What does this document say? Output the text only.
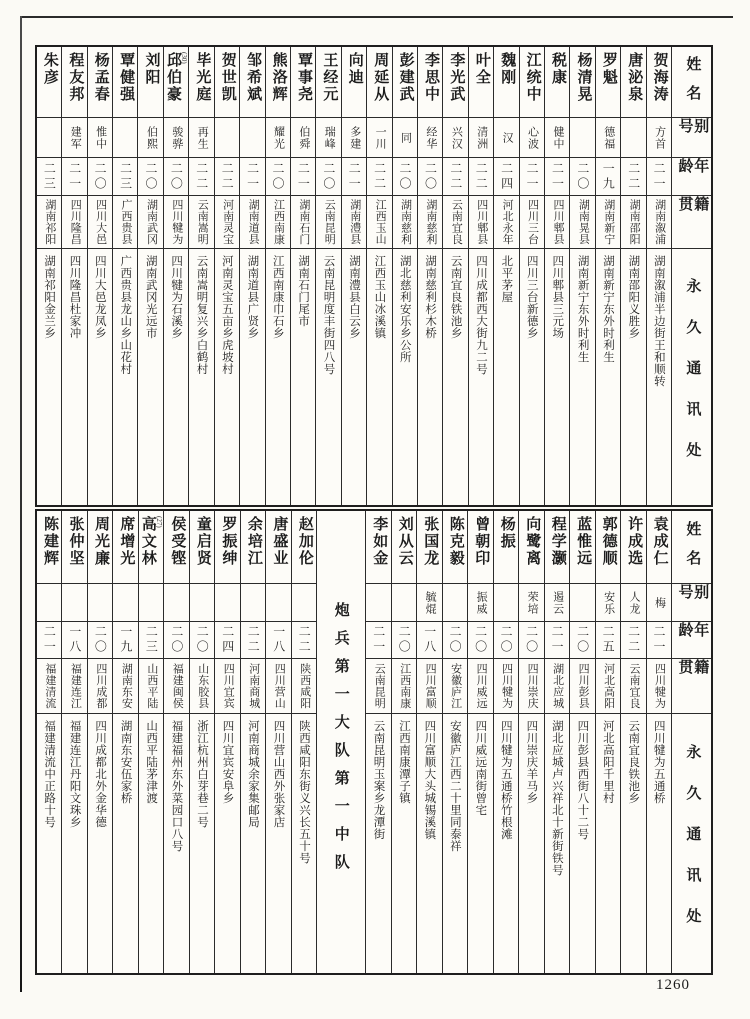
姓名
别号
年龄
籍贯
永久通讯处
贺海涛
方首
二一
湖南溆浦
湖南溆浦半边街王和顺转
唐泌泉
二二
湖南邵阳
湖南邵阳义胜乡
罗魁
德福
一九
湖南新宁
湖南新宁东外时利生
杨清晃
二〇
湖南晃县
湖南新宁东外时利生
税康
健中
二一
四川郫县
四川郫县三元场
江统中
心波
二一
四川三台
四川三台新德乡
魏刚
汉
二四
河北永年
北平茅屋
叶全
清洲
二二
四川郫县
四川成都西大街九二号
李光武
兴汉
二二
云南宜良
云南宜良铁池乡
李思中
经华
二〇
湖南慈利
湖南慈利杉木桥
彭建武
同
二〇
湖南慈利
湖北慈利安乐乡公所
周延从
一川
二二
江西玉山
江西玉山冰溪镇
向迪
多建
二一
湖南澧县
湖南澧县白云乡
王经元
瑞峰
二〇
云南昆明
云南昆明度丰街四八号
覃事尧
伯舜
二一
湖南石门
湖南石门尾市
熊洛辉
耀光
二〇
江西南康
江西南康巾石乡
邹希斌
二一
湖南道县
湖南道县广贤乡
贺世凯
二二
河南灵宝
河南灵宝五亩乡虎坡村
毕光庭
再生
二二
云南嵩明
云南嵩明复兴乡白鹤村
邱伯豪 (30)
骏骅
二〇
四川犍为
四川犍为石溪乡
刘阳
伯熙
二〇
湖南武冈
湖南武冈光远市
覃健强
二三
广西贵县
广西贵县龙山乡山花村
杨孟春
惟中
二〇
四川大邑
四川大邑龙凤乡
程友邦
建军
二一
四川隆昌
四川隆昌杜家冲
朱彦
二三
湖南祁阳
湖南祁阳金兰乡
姓名
别号
年龄
籍贯
永久通讯处
袁成仁
梅
二一
四川犍为
四川犍为五通桥
许成选
人龙
二二
云南宜良
云南宜良铁池乡
郭德顺
安乐
二五
河北高阳
河北高阳千里村
蓝惟远
二〇
四川彭县
四川彭县西街八十二号
程学灏
遏云
二一
湖北应城
湖北应城卢兴祥北十新街铁号
向鹭离
荣培
二〇
四川崇庆
四川崇庆羊马乡
杨振
二〇
四川犍为
四川犍为五通桥竹根滩
曾朝印
振威
二〇
四川威远
四川威远南街曾宅
陈克毅
二〇
安徽庐江
安徽庐江西二十里同泰祥
张国龙
毓焜
一八
四川富顺
四川富顺大头城锡溪镇
刘从云
二〇
江西南康
江西南康潭子镇
李如金
二一
云南昆明
云南昆明玉案乡龙潭街
炮兵第一大队第一中队
赵加伦
二二
陕西咸阳
陕西咸阳东街义兴长五十号
唐盛业
一八
四川营山
四川营山西外张家店
余培江
二二
河南商城
河南商城余家集邮局
罗振绅
二四
四川宜宾
四川宜宾安阜乡
童启贤
二〇
山东胶县
浙江杭州白芽巷二号
侯受铿
二〇
福建闽侯
福建福州东外菜园口八号
高文林 (27)
二三
山西平陆
山西平陆茅津渡
席增光
一九
湖南东安
湖南东安伍家桥
周光廉
二〇
四川成都
四川成都北外金华德
张仲坚
一八
福建连江
福建连江丹阳文珠乡
陈建辉
二一
福建清流
福建清流中正路十号
1260
